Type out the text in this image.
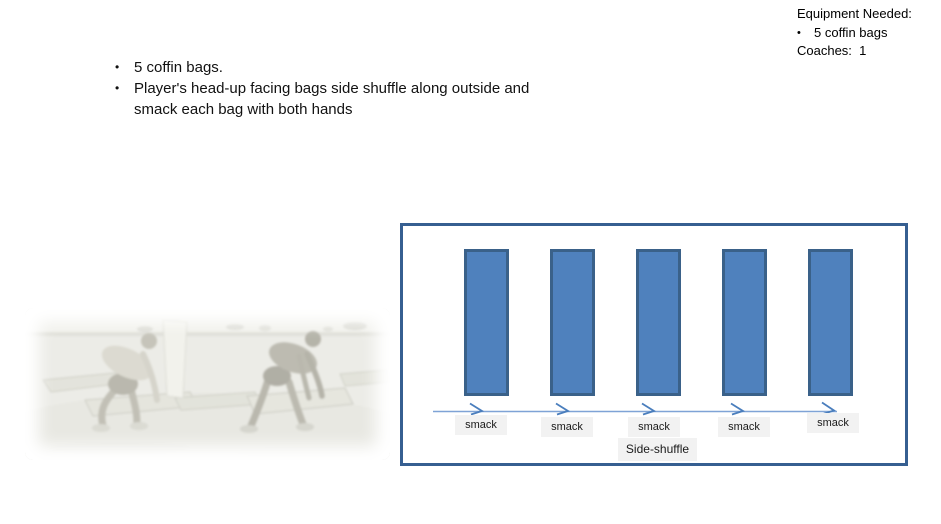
Equipment Needed:
•	5 coffin bags
Coaches:  1
• 5 coffin bags.
• Player's head-up facing bags side shuffle along outside and smack each bag with both hands
smack	smack	smack	smack	smack
Side-shuffle
